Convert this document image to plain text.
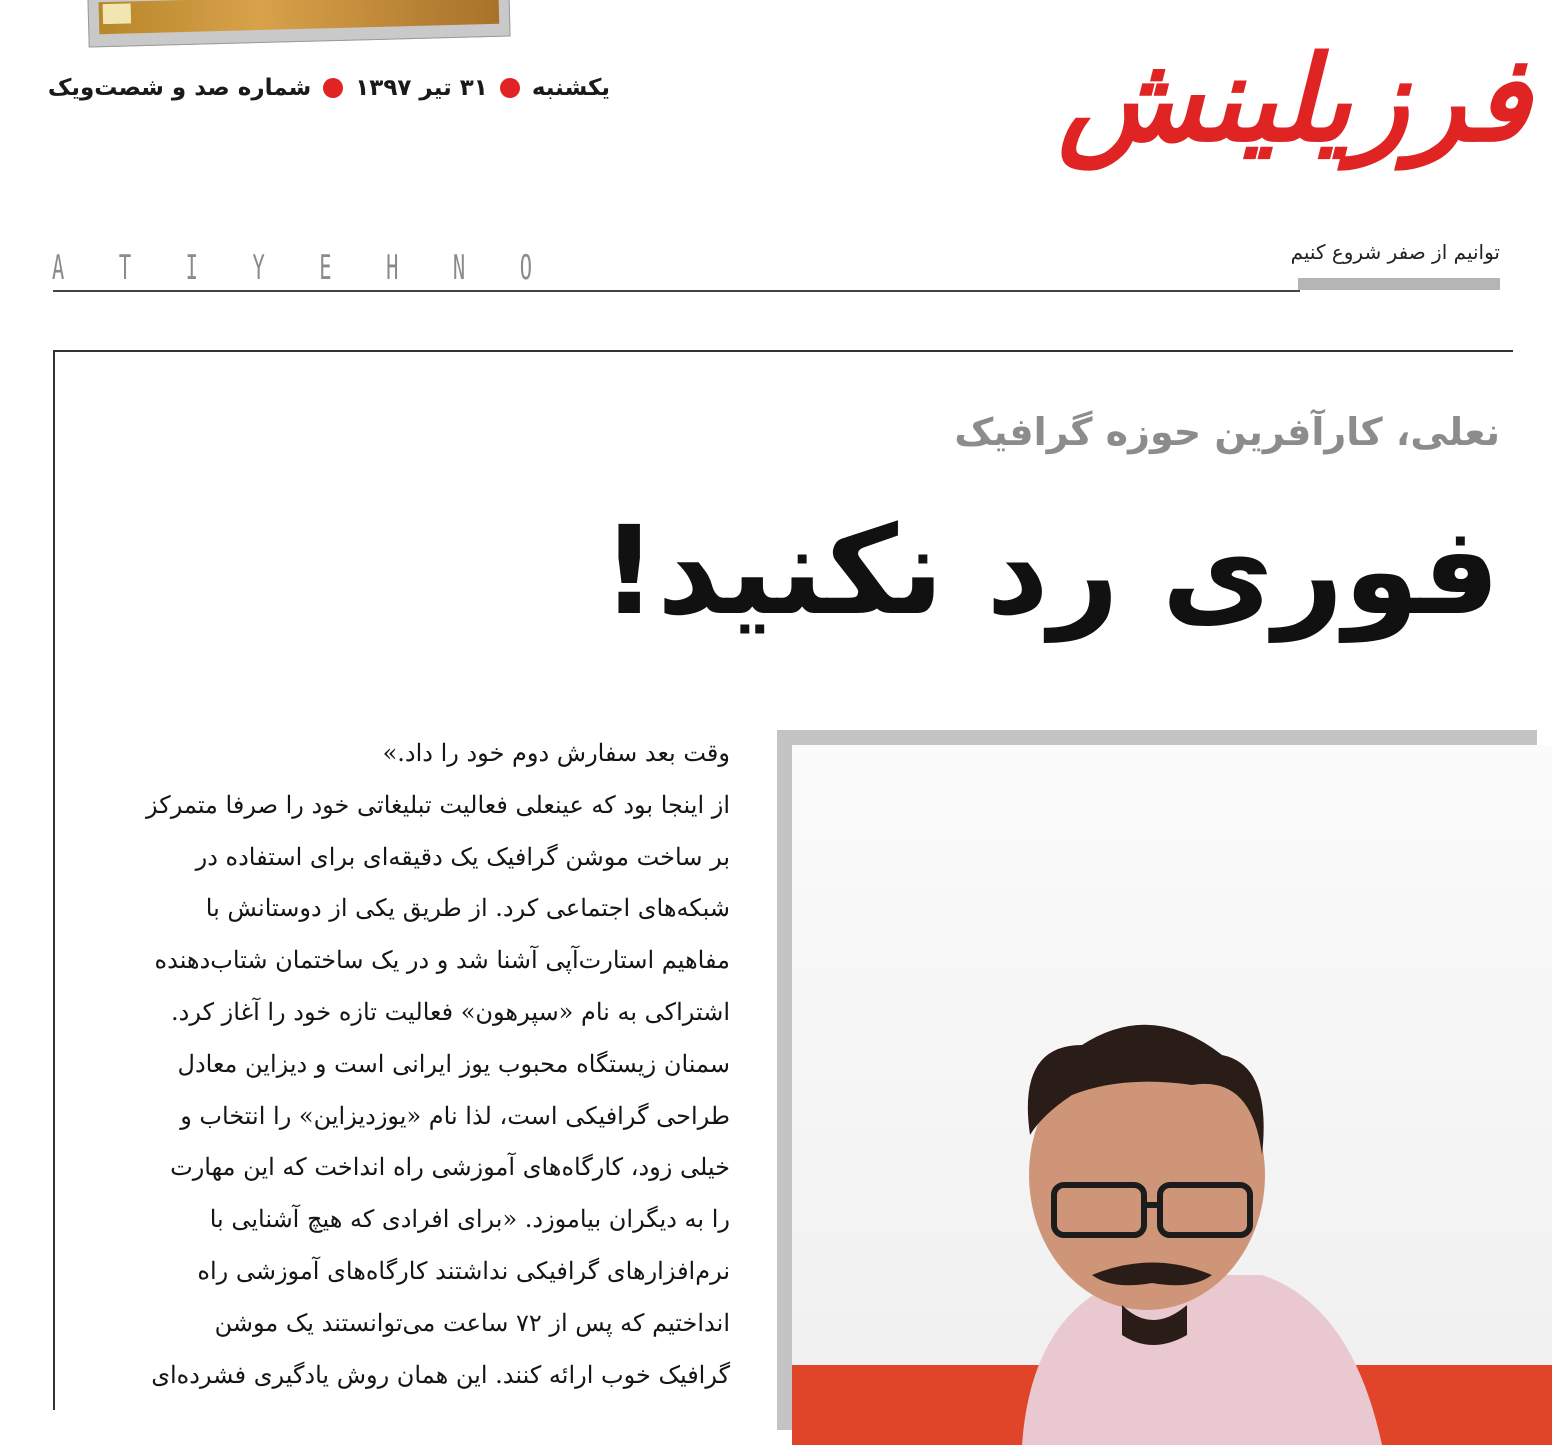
یکشنبه
۳۱ تیر ۱۳۹۷
شماره صد و شصت‌ویک	فرزیلینش
توانیم از صفر شروع کنیم
A T I Y E H N O
نعلی، کارآفرین حوزه گرافیک
فوری رد نکنید!

وقت بعد سفارش دوم خود را داد.»

از اینجا بود که عینعلی فعالیت تبلیغاتی خود را صرفا متمرکز

بر ساخت موشن گرافیک یک دقیقه‌ای برای استفاده در

شبکه‌های اجتماعی کرد. از طریق یکی از دوستانش با

مفاهیم استارت‌آپی آشنا شد و در یک ساختمان شتاب‌دهنده

اشتراکی به نام «سپرهون» فعالیت تازه خود را آغاز کرد.

سمنان زیستگاه محبوب یوز ایرانی است و دیزاین معادل

طراحی گرافیکی است، لذا نام «یوزدیزاین» را انتخاب و

خیلی زود، کارگاه‌های آموزشی راه انداخت که این مهارت

را به دیگران بیاموزد. «برای افرادی که هیچ آشنایی با

نرم‌افزارهای گرافیکی نداشتند کارگاه‌های آموزشی راه

انداختیم که پس از ۷۲ ساعت می‌توانستند یک موشن

گرافیک خوب ارائه کنند. این همان روش یادگیری فشرده‌ای
